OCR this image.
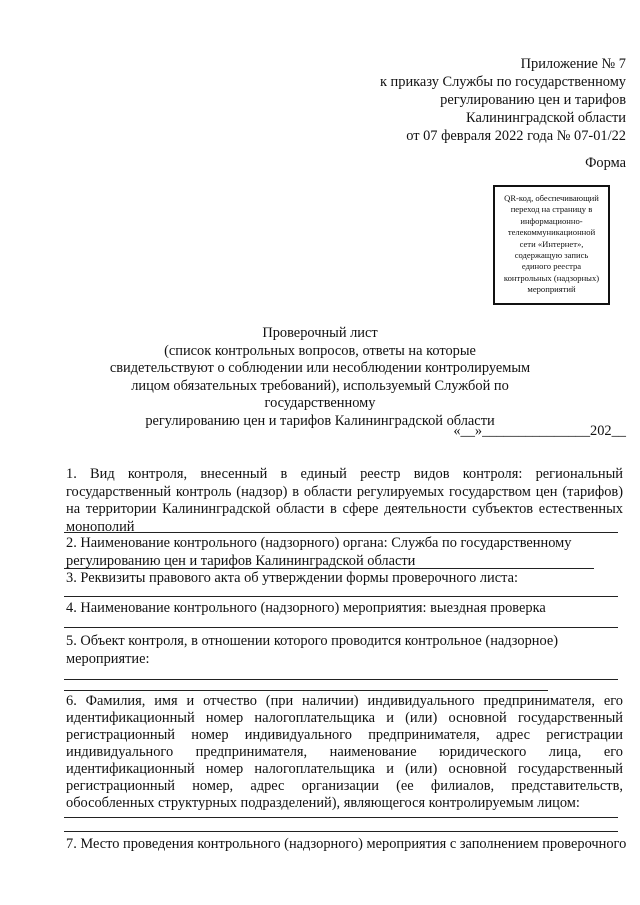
Приложение № 7
к приказу Службы по государственному
регулированию цен и тарифов
Калининградской области
от 07 февраля 2022 года № 07-01/22
Форма
QR-код, обеспечивающий переход на страницу в информационно-телекоммуникационной сети «Интернет», содержащую запись единого реестра контрольных (надзорных) мероприятий
Проверочный лист
(список контрольных вопросов, ответы на которые
свидетельствуют о соблюдении или несоблюдении контролируемым
лицом обязательных требований), используемый Службой по государственному
регулированию цен и тарифов Калининградской области
«__»_______________202__
1. Вид контроля, внесенный в единый реестр видов контроля: региональный государственный контроль (надзор) в области регулируемых государством цен (тарифов) на территории Калининградской области в сфере деятельности субъектов естественных монополий
2. Наименование контрольного (надзорного) органа: Служба по государственному регулированию цен и тарифов Калининградской области
3. Реквизиты правового акта об утверждении формы проверочного листа:
4. Наименование контрольного (надзорного) мероприятия: выездная проверка
5. Объект контроля, в отношении которого проводится контрольное (надзорное) мероприятие:
6. Фамилия, имя и отчество (при наличии) индивидуального предпринимателя, его идентификационный номер налогоплательщика и (или) основной государственный регистрационный номер индивидуального предпринимателя, адрес регистрации индивидуального предпринимателя, наименование юридического лица, его идентификационный номер налогоплательщика и (или) основной государственный регистрационный номер, адрес организации (ее филиалов, представительств, обособленных структурных подразделений), являющегося контролируемым лицом:
7. Место проведения контрольного (надзорного) мероприятия с заполнением проверочного
